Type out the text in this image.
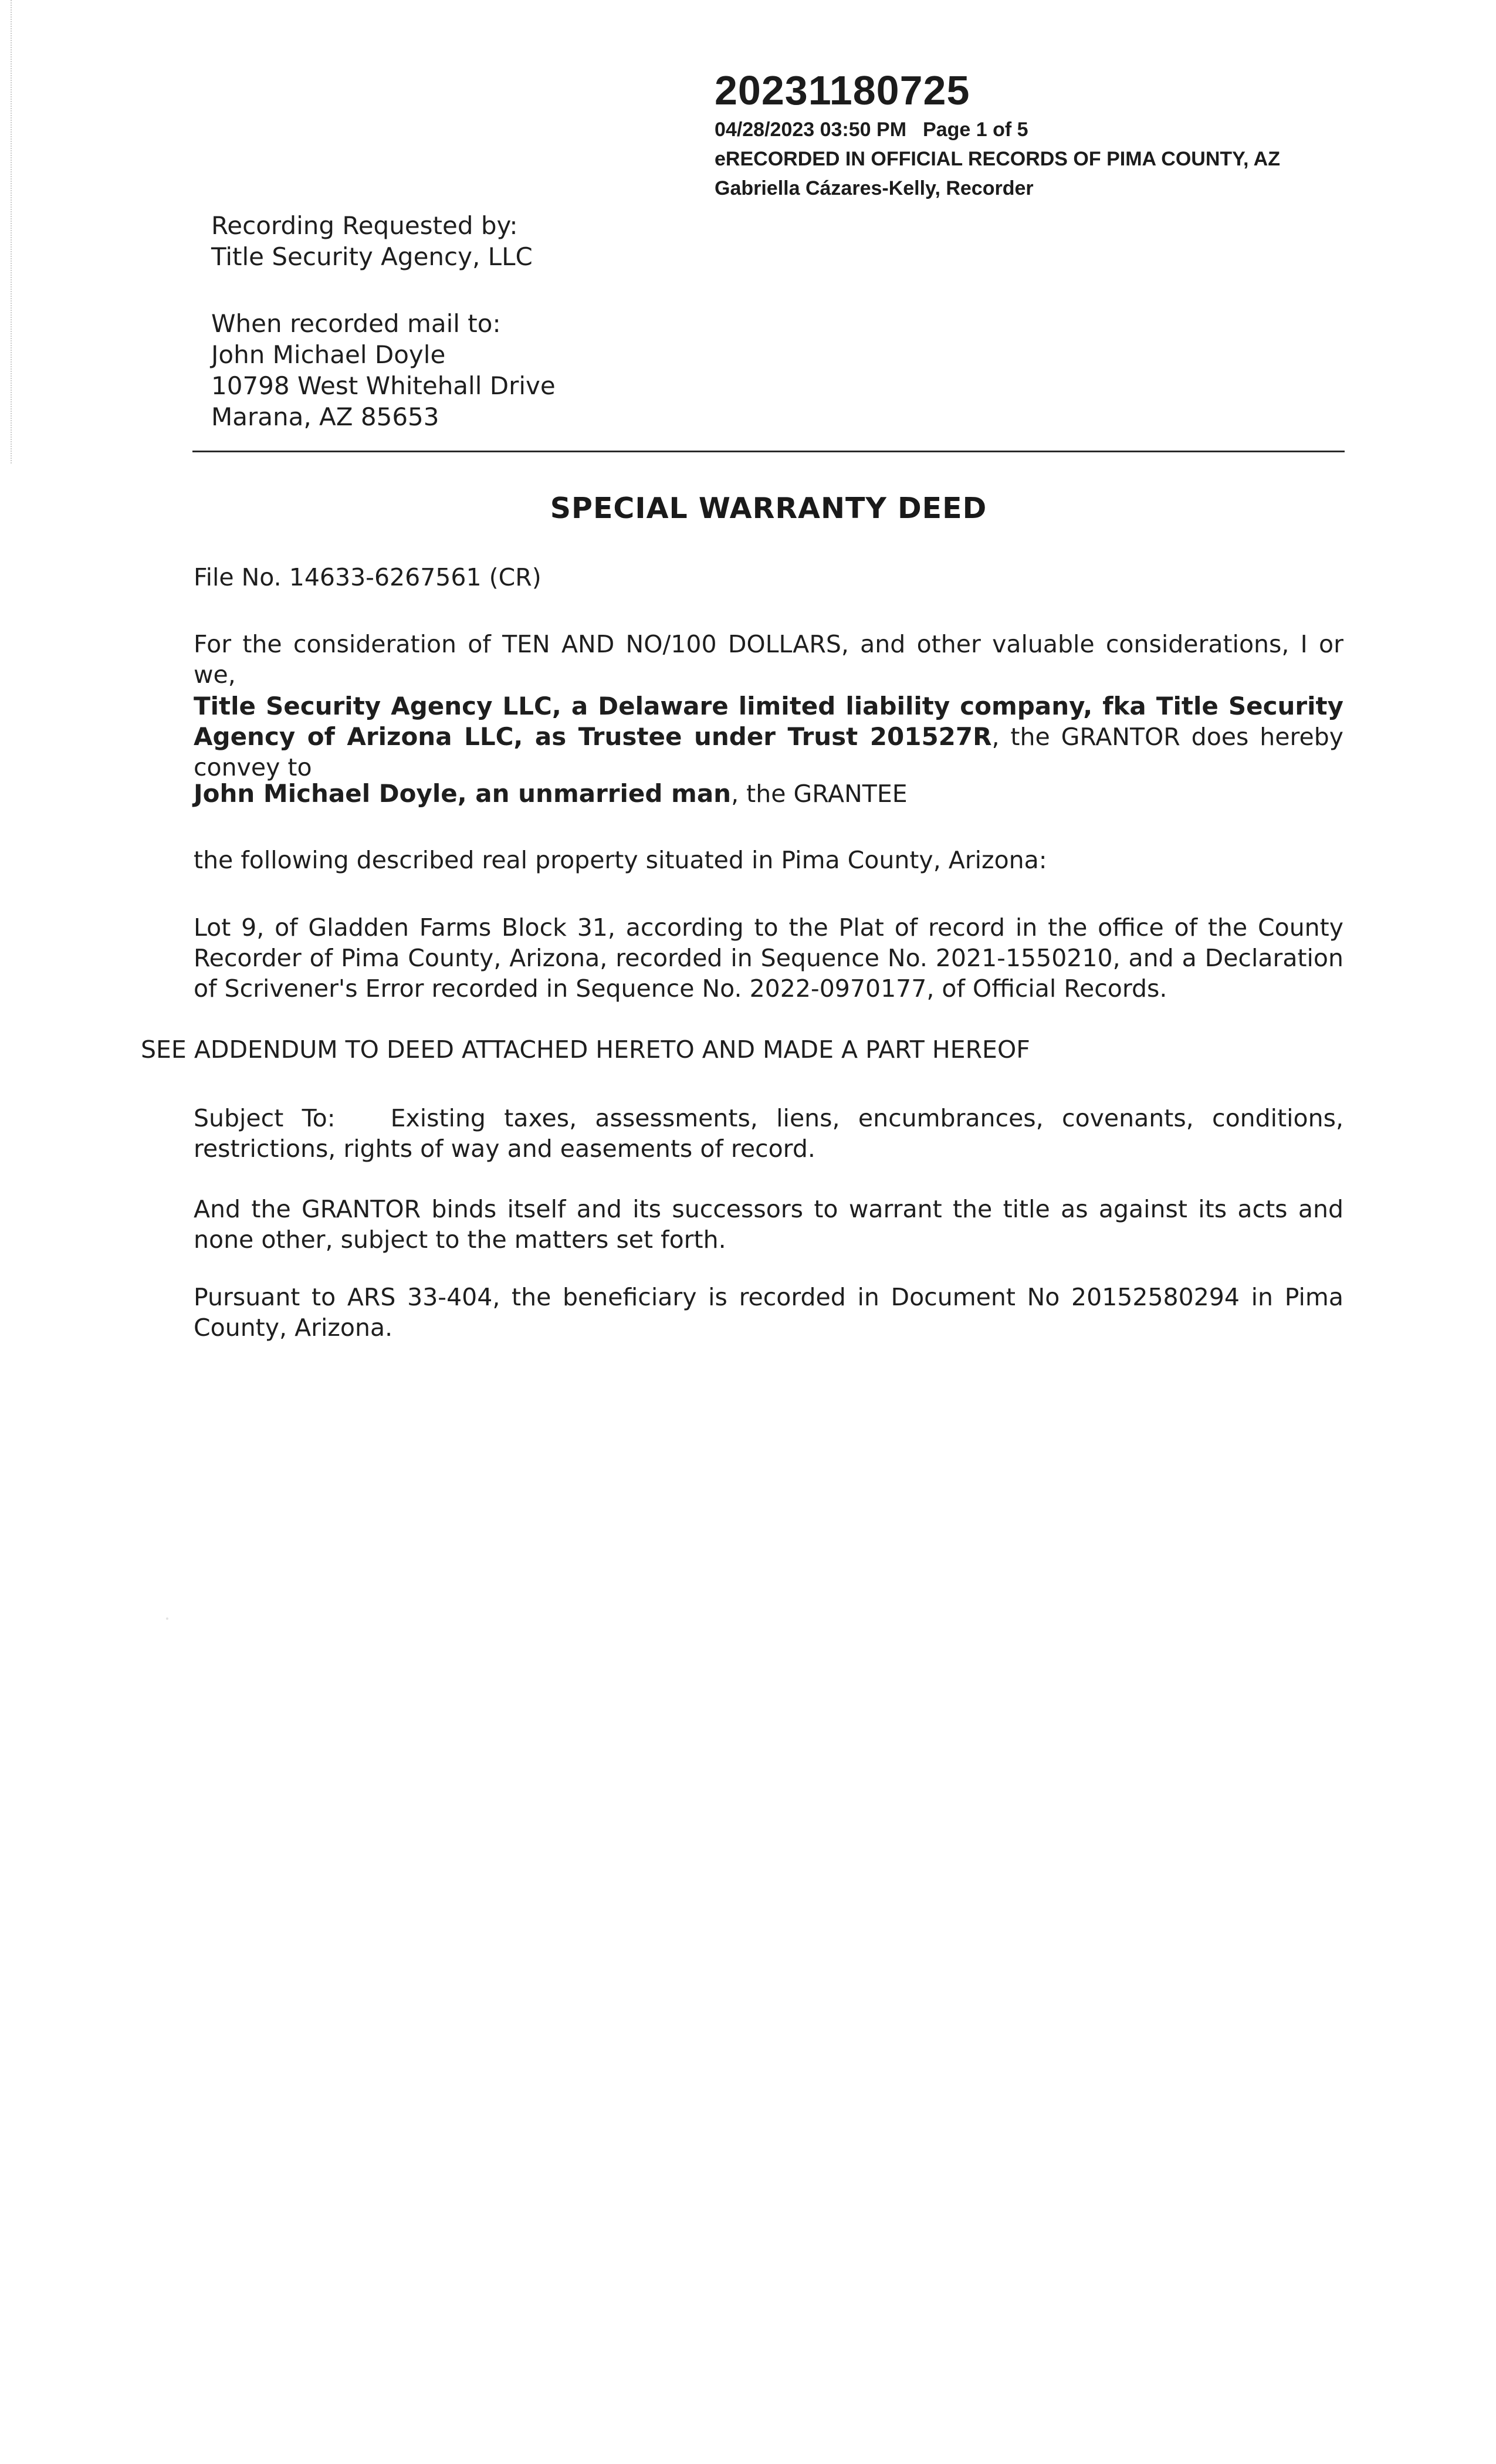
20231180725
04/28/2023 03:50 PM Page 1 of 5
eRECORDED IN OFFICIAL RECORDS OF PIMA COUNTY, AZ
Gabriella Cázares-Kelly, Recorder
Recording Requested by:
Title Security Agency, LLC
When recorded mail to:
John Michael Doyle
10798 West Whitehall Drive
Marana, AZ 85653
SPECIAL WARRANTY DEED
File No. 14633-6267561 (CR)
For the consideration of TEN AND NO/100 DOLLARS, and other valuable considerations, I or we,
Title Security Agency LLC, a Delaware limited liability company, fka Title Security Agency of Arizona LLC, as Trustee under Trust 201527R, the GRANTOR does hereby convey to
John Michael Doyle, an unmarried man, the GRANTEE
the following described real property situated in Pima County, Arizona:
Lot 9, of Gladden Farms Block 31, according to the Plat of record in the office of the County Recorder of Pima County, Arizona, recorded in Sequence No. 2021-1550210, and a Declaration of Scrivener's Error recorded in Sequence No. 2022-0970177, of Official Records.
SEE ADDENDUM TO DEED ATTACHED HERETO AND MADE A PART HEREOF
Subject To: Existing taxes, assessments, liens, encumbrances, covenants, conditions, restrictions, rights of way and easements of record.
And the GRANTOR binds itself and its successors to warrant the title as against its acts and none other, subject to the matters set forth.
Pursuant to ARS 33-404, the beneficiary is recorded in Document No 20152580294 in Pima County, Arizona.
